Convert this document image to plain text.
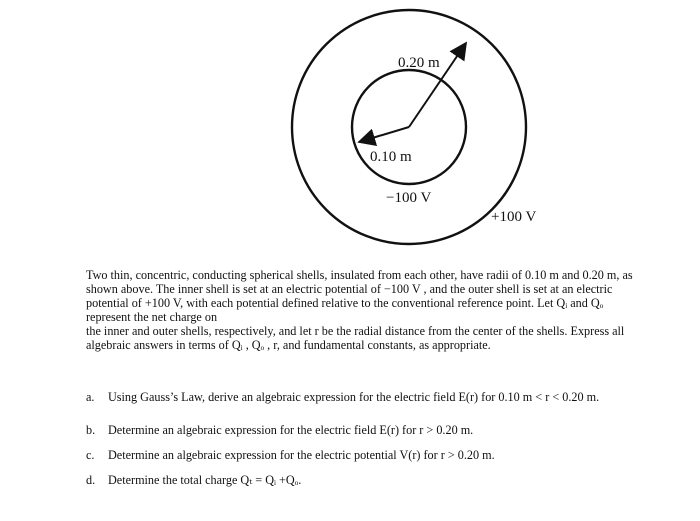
0.20 m
0.10 m
−100 V
+100 V

Two thin, concentric, conducting spherical shells, insulated from each other, have radii of 0.10 m and 0.20 m, as shown above. The inner shell is set at an electric potential of −100 V , and the outer shell is set at an electric potential of +100 V, with each potential defined relative to the conventional reference point. Let Qᵢ and Qₒ represent the net charge on

the inner and outer shells, respectively, and let r be the radial distance from the center of the shells. Express all algebraic answers in terms of Qᵢ , Qₒ , r, and fundamental constants, as appropriate.

a. Using Gauss’s Law, derive an algebraic expression for the electric field E(r) for 0.10 m < r < 0.20 m.
b. Determine an algebraic expression for the electric field E(r) for r > 0.20 m.
c. Determine an algebraic expression for the electric potential V(r) for r > 0.20 m.
d. Determine the total charge Qₜ = Qᵢ +Qₒ.
